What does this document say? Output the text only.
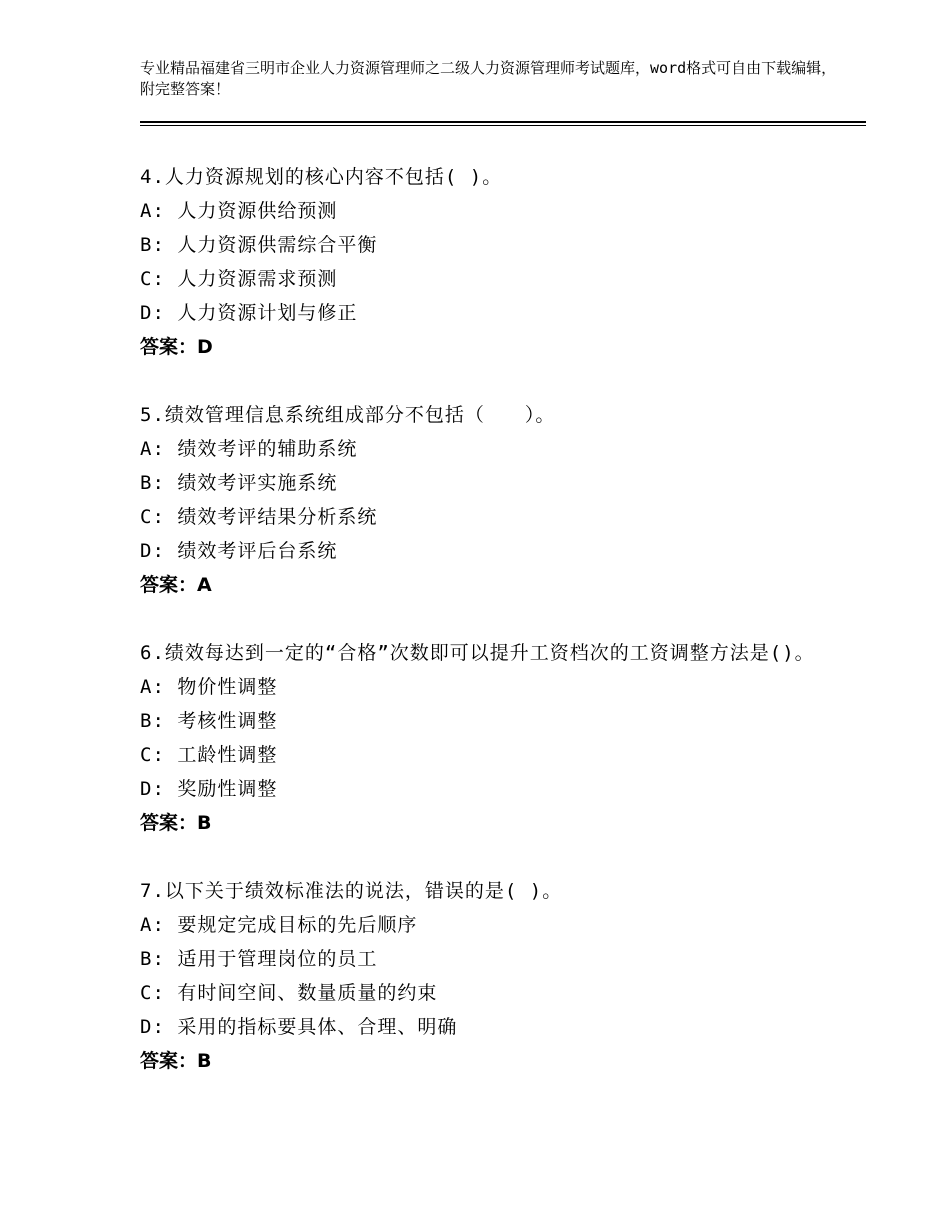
专业精品福建省三明市企业人力资源管理师之二级人力资源管理师考试题库，word格式可自由下载编辑，附完整答案！
4.人力资源规划的核心内容不包括( )。
A: 人力资源供给预测
B: 人力资源供需综合平衡
C: 人力资源需求预测
D: 人力资源计划与修正
答案：D
5.绩效管理信息系统组成部分不包括（　　）。
A: 绩效考评的辅助系统
B: 绩效考评实施系统
C: 绩效考评结果分析系统
D: 绩效考评后台系统
答案：A
6.绩效每达到一定的“合格”次数即可以提升工资档次的工资调整方法是()。
A: 物价性调整
B: 考核性调整
C: 工龄性调整
D: 奖励性调整
答案：B
7.以下关于绩效标准法的说法，错误的是( )。
A: 要规定完成目标的先后顺序
B: 适用于管理岗位的员工
C: 有时间空间、数量质量的约束
D: 采用的指标要具体、合理、明确
答案：B
